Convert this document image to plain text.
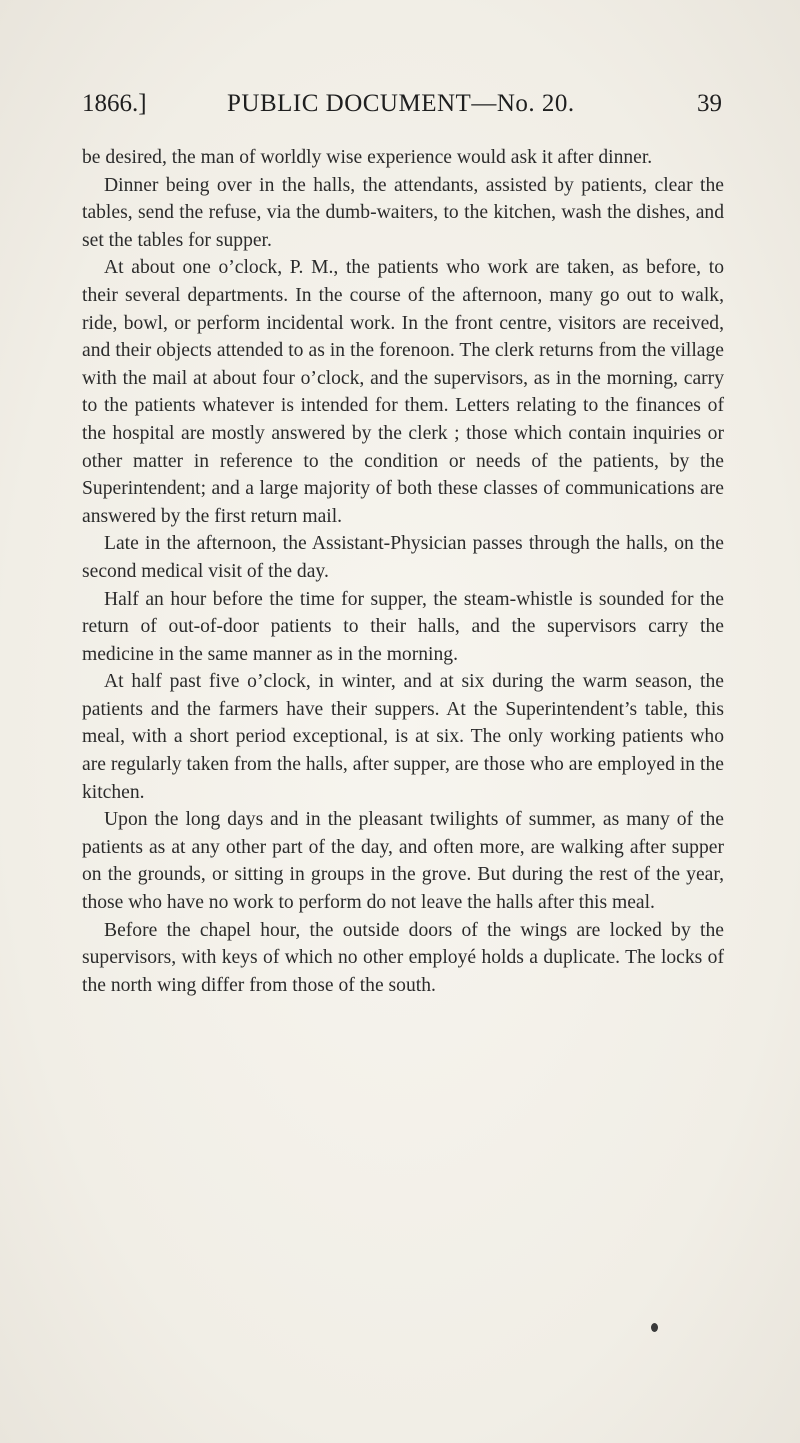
1866.]	PUBLIC DOCUMENT—No. 20.	39

be desired, the man of worldly wise experience would ask it after dinner.

Dinner being over in the halls, the attendants, assisted by patients, clear the tables, send the refuse, via the dumb-waiters, to the kitchen, wash the dishes, and set the tables for supper.

At about one o’clock, P. M., the patients who work are taken, as before, to their several departments. In the course of the afternoon, many go out to walk, ride, bowl, or perform incidental work. In the front centre, visitors are received, and their objects attended to as in the forenoon. The clerk returns from the village with the mail at about four o’clock, and the supervisors, as in the morning, carry to the patients whatever is intended for them. Letters relating to the finances of the hospital are mostly answered by the clerk ; those which contain inquiries or other matter in reference to the condition or needs of the patients, by the Superintendent; and a large majority of both these classes of communications are answered by the first return mail.

Late in the afternoon, the Assistant-Physician passes through the halls, on the second medical visit of the day.

Half an hour before the time for supper, the steam-whistle is sounded for the return of out-of-door patients to their halls, and the supervisors carry the medicine in the same manner as in the morning.

At half past five o’clock, in winter, and at six during the warm season, the patients and the farmers have their suppers. At the Superintendent’s table, this meal, with a short period exceptional, is at six. The only working patients who are regularly taken from the halls, after supper, are those who are employed in the kitchen.

Upon the long days and in the pleasant twilights of summer, as many of the patients as at any other part of the day, and often more, are walking after supper on the grounds, or sitting in groups in the grove. But during the rest of the year, those who have no work to perform do not leave the halls after this meal.

Before the chapel hour, the outside doors of the wings are locked by the supervisors, with keys of which no other employé holds a duplicate. The locks of the north wing differ from those of the south.
